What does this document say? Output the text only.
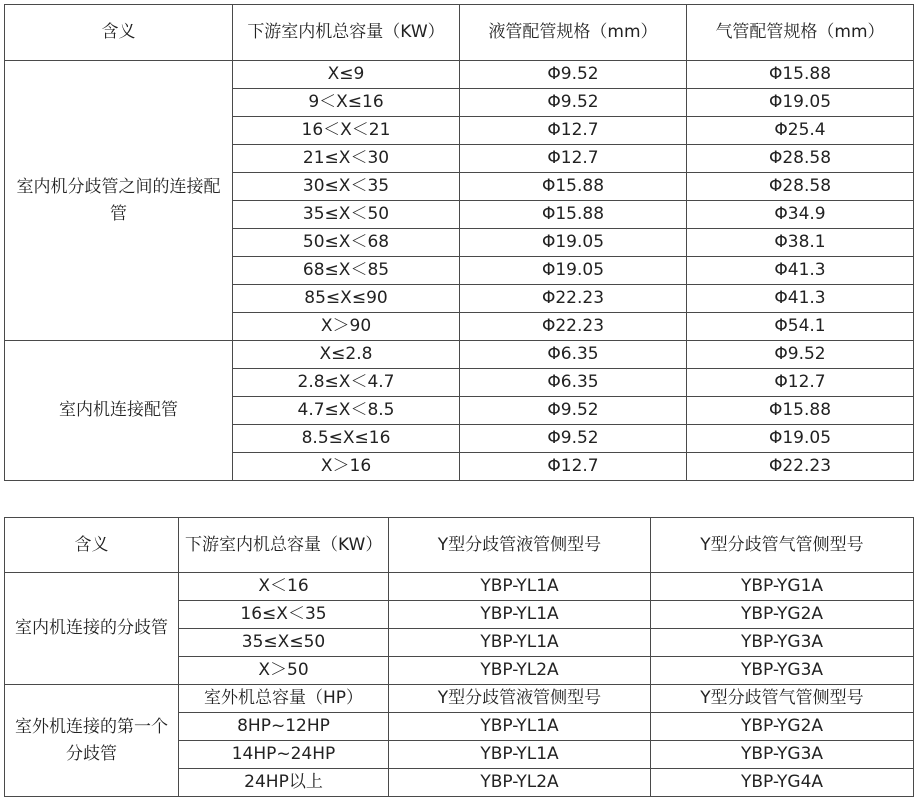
含义	下游室内机总容量（KW）	液管配管规格（mm）	气管配管规格（mm）
室内机分歧管之间的连接配管	X≤9	Φ9.52	Φ15.88
	9＜X≤16	Φ9.52	Φ19.05
	16＜X＜21	Φ12.7	Φ25.4
	21≤X＜30	Φ12.7	Φ28.58
	30≤X＜35	Φ15.88	Φ28.58
	35≤X＜50	Φ15.88	Φ34.9
	50≤X＜68	Φ19.05	Φ38.1
	68≤X＜85	Φ19.05	Φ41.3
	85≤X≤90	Φ22.23	Φ41.3
	X＞90	Φ22.23	Φ54.1
室内机连接配管	X≤2.8	Φ6.35	Φ9.52
	2.8≤X＜4.7	Φ6.35	Φ12.7
	4.7≤X＜8.5	Φ9.52	Φ15.88
	8.5≤X≤16	Φ9.52	Φ19.05
	X＞16	Φ12.7	Φ22.23
含义	下游室内机总容量（KW）	Y型分歧管液管侧型号	Y型分歧管气管侧型号
室内机连接的分歧管	X＜16	YBP-YL1A	YBP-YG1A
	16≤X＜35	YBP-YL1A	YBP-YG2A
	35≤X≤50	YBP-YL1A	YBP-YG3A
	X＞50	YBP-YL2A	YBP-YG3A
室外机连接的第一个分歧管	室外机总容量（HP）	Y型分歧管液管侧型号	Y型分歧管气管侧型号
	8HP~12HP	YBP-YL1A	YBP-YG2A
	14HP~24HP	YBP-YL1A	YBP-YG3A
	24HP以上	YBP-YL2A	YBP-YG4A
